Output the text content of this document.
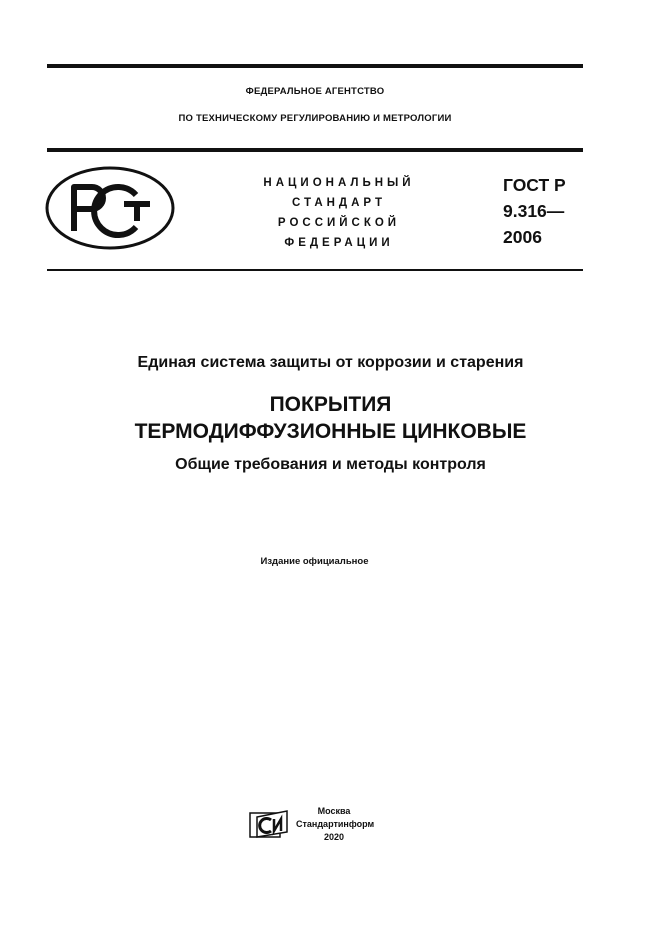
ФЕДЕРАЛЬНОЕ АГЕНТСТВО
ПО ТЕХНИЧЕСКОМУ РЕГУЛИРОВАНИЮ И МЕТРОЛОГИИ
НАЦИОНАЛЬНЫЙ
СТАНДАРТ
РОССИЙСКОЙ
ФЕДЕРАЦИИ
ГОСТ Р
9.316—
2006
Единая система защиты от коррозии и старения
ПОКРЫТИЯ
ТЕРМОДИФФУЗИОННЫЕ ЦИНКОВЫЕ
Общие требования и методы контроля
Издание официальное
Москва
Стандартинформ
2020
